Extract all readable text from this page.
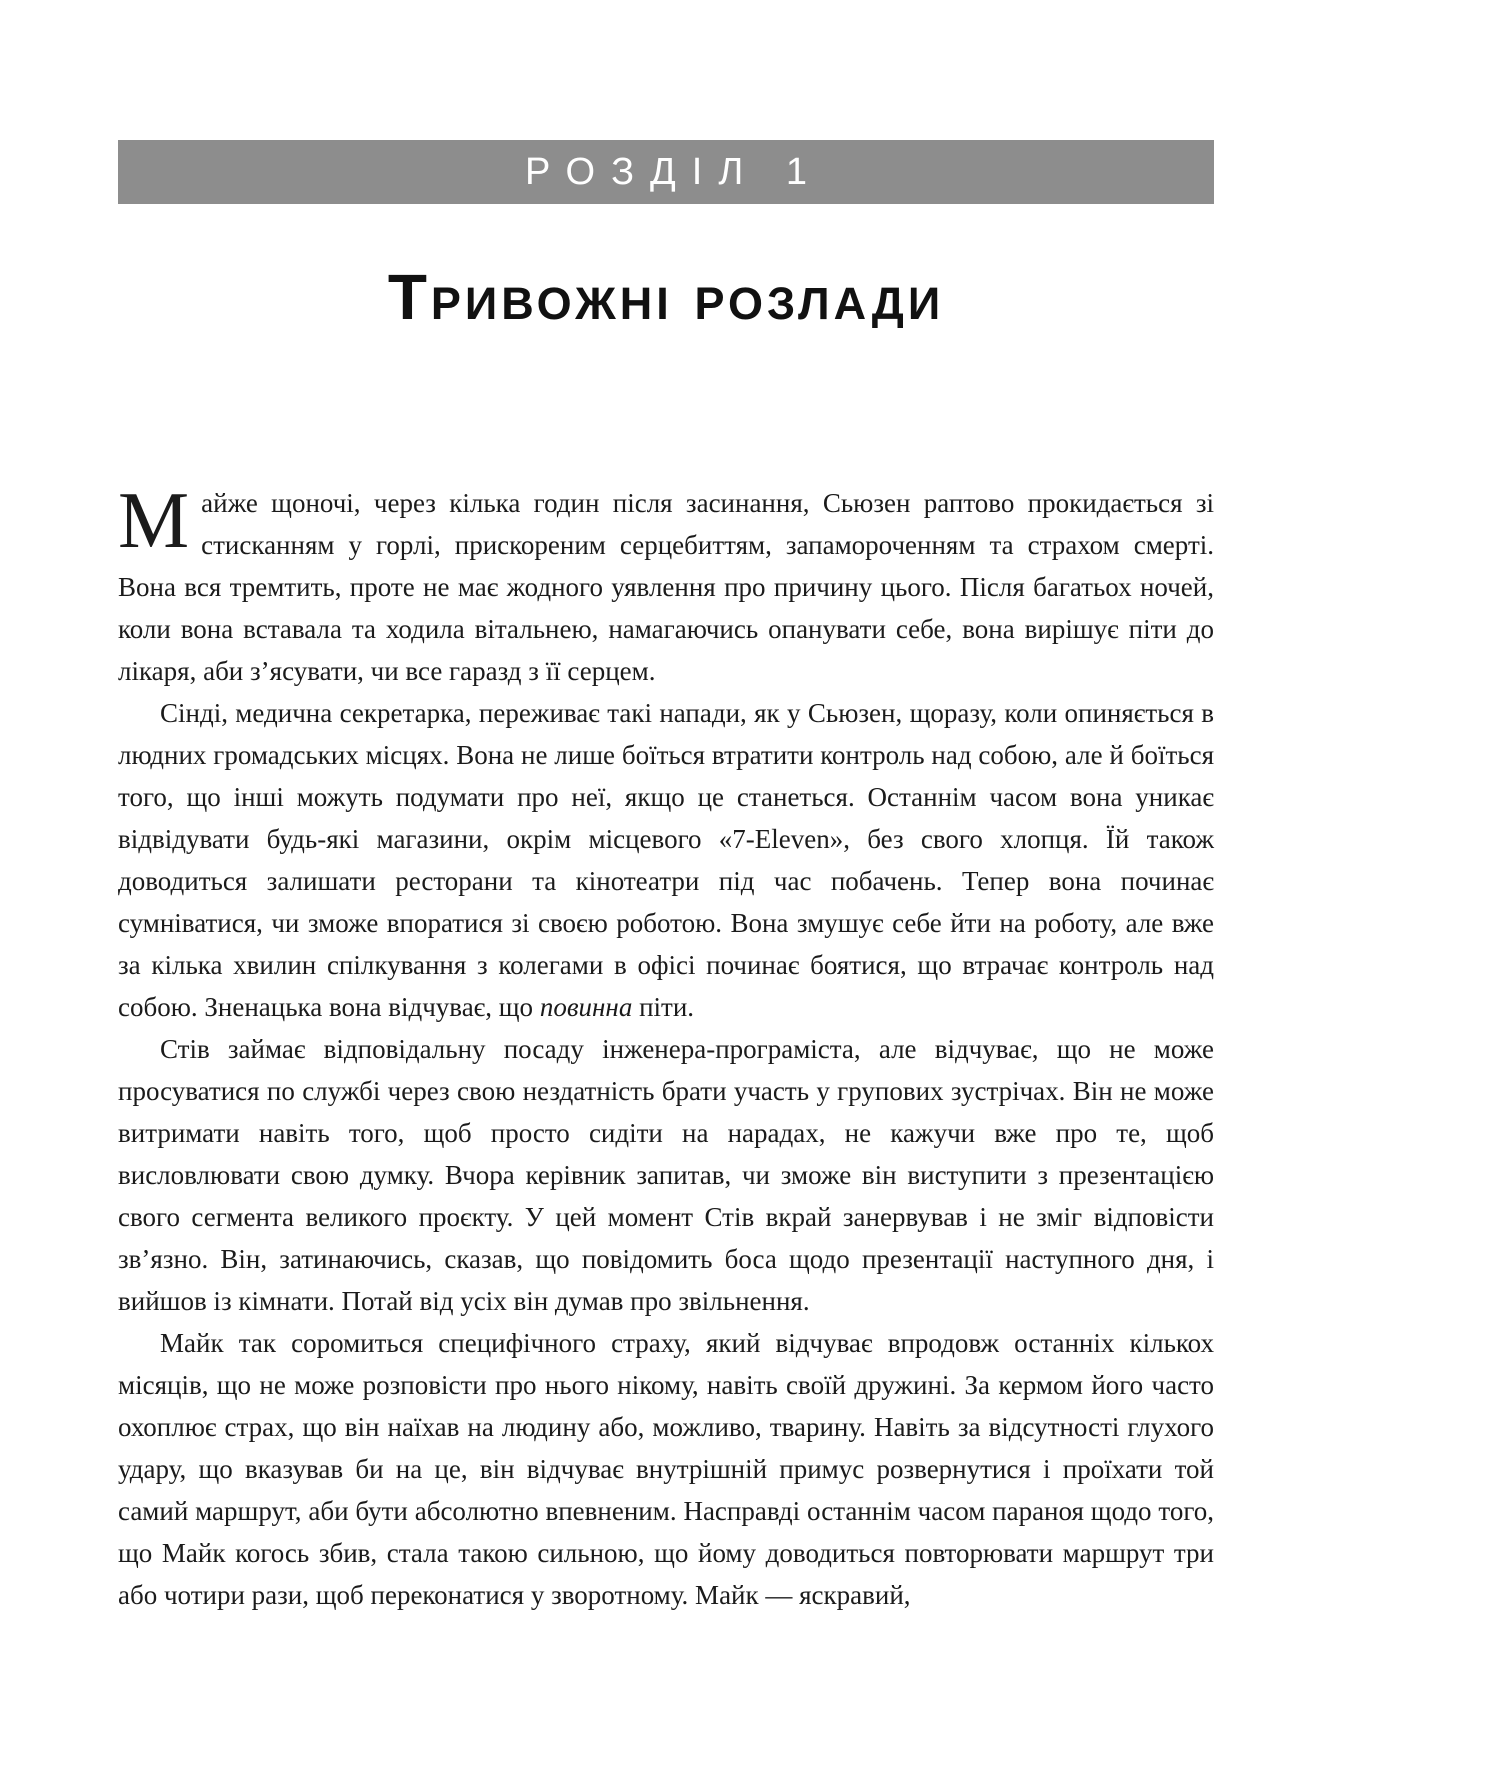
РОЗДІЛ 1
Тривожні розлади

Майже щоночі, через кілька годин після засинання, Сьюзен раптово прокидається зі стисканням у горлі, прискореним серцебиттям, запамороченням та страхом смерті. Вона вся тремтить, проте не має жодного уявлення про причину цього. Після багатьох ночей, коли вона вставала та ходила вітальнею, намагаючись опанувати себе, вона вирішує піти до лікаря, аби з’ясувати, чи все гаразд з її серцем.

Сінді, медична секретарка, переживає такі напади, як у Сьюзен, щоразу, коли опиняється в людних громадських місцях. Вона не лише боїться втратити контроль над собою, але й боїться того, що інші можуть подумати про неї, якщо це станеться. Останнім часом вона уникає відвідувати будь-які магазини, окрім місцевого «7-Eleven», без свого хлопця. Їй також доводиться залишати ресторани та кінотеатри під час побачень. Тепер вона починає сумніватися, чи зможе впоратися зі своєю роботою. Вона змушує себе йти на роботу, але вже за кілька хвилин спілкування з колегами в офісі починає боятися, що втрачає контроль над собою. Зненацька вона відчуває, що повинна піти.

Стів займає відповідальну посаду інженера-програміста, але відчуває, що не може просуватися по службі через свою нездатність брати участь у групових зустрічах. Він не може витримати навіть того, щоб просто сидіти на нарадах, не кажучи вже про те, щоб висловлювати свою думку. Вчора керівник запитав, чи зможе він виступити з презентацією свого сегмента великого проєкту. У цей момент Стів вкрай занервував і не зміг відповісти зв’язно. Він, затинаючись, сказав, що повідомить боса щодо презентації наступного дня, і вийшов із кімнати. Потай від усіх він думав про звільнення.

Майк так соромиться специфічного страху, який відчуває впродовж останніх кількох місяців, що не може розповісти про нього нікому, навіть своїй дружині. За кермом його часто охоплює страх, що він наїхав на людину або, можливо, тварину. Навіть за відсутності глухого удару, що вказував би на це, він відчуває внутрішній примус розвернутися і проїхати той самий маршрут, аби бути абсолютно впевненим. Насправді останнім часом параноя щодо того, що Майк когось збив, стала такою сильною, що йому доводиться повторювати маршрут три або чотири рази, щоб переконатися у зворотному. Майк — яскравий,
